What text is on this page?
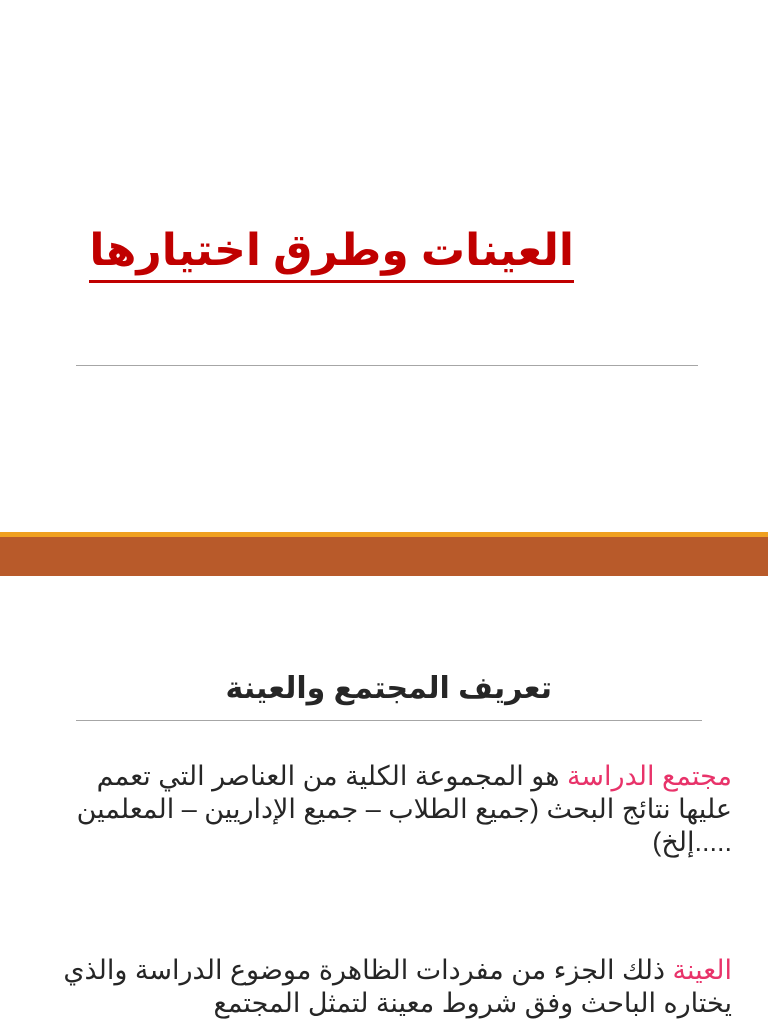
العينات وطرق اختيارها
تعريف المجتمع والعينة

مجتمع الدراسة هو المجموعة الكلية من العناصر التي تعمم عليها نتائج البحث (جميع الطلاب – جميع الإداريين – المعلمين .....إلخ)

العينة ذلك الجزء من مفردات الظاهرة موضوع الدراسة والذي يختاره الباحث وفق شروط معينة لتمثل المجتمع
